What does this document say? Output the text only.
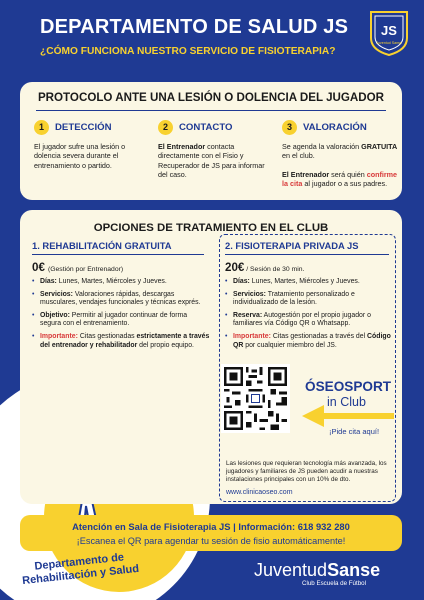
Departamento de Rehabilitación y Salud
DEPARTAMENTO DE SALUD JS
¿CÓMO FUNCIONA NUESTRO SERVICIO DE FISIOTERAPIA?
JS
Juventud Sanse
PROTOCOLO ANTE UNA LESIÓN O DOLENCIA DEL JUGADOR
1	DETECCIÓN
El jugador sufre una lesión o dolencia severa durante el entrenamiento o partido.
2	CONTACTO
El Entrenador contacta directamente con el Fisio y Recuperador de JS para informar del caso.
3	VALORACIÓN
Se agenda la valoración GRATUITA en el club.
El Entrenador será quién confirme la cita al jugador o a sus padres.
OPCIONES DE TRATAMIENTO EN EL CLUB
1. REHABILITACIÓN GRATUITA
0€ (Gestión por Entrenador)
• Días: Lunes, Martes, Miércoles y Jueves.
• Servicios: Valoraciones rápidas, descargas musculares, vendajes funcionales y técnicas exprés.
• Objetivo: Permitir al jugador continuar de forma segura con el entrenamiento.
• Importante: Citas gestionadas estrictamente a través del entrenador y rehabilitador del propio equipo.
2. FISIOTERAPIA PRIVADA JS
20€ / Sesión de 30 min.
• Días: Lunes, Martes, Miércoles y Jueves.
• Servicios: Tratamiento personalizado e individualizado de la lesión.
• Reserva: Autogestión por el propio jugador o familiares vía Código QR o Whatsapp.
• Importante: Citas gestionadas a través del Código QR por cualquier miembro del JS.
ÓSEOSPORT
in Club
¡Pide cita aquí!
Las lesiones que requieran tecnología más avanzada, los jugadores y familiares de JS pueden acudir a nuestras instalaciones principales con un 10% de dto.
www.clinicaoseo.com
Atención en Sala de Fisioterapia JS | Información: 618 932 280
¡Escanea el QR para agendar tu sesión de fisio automáticamente!
JuventudSanse
Club Escuela de Fútbol
